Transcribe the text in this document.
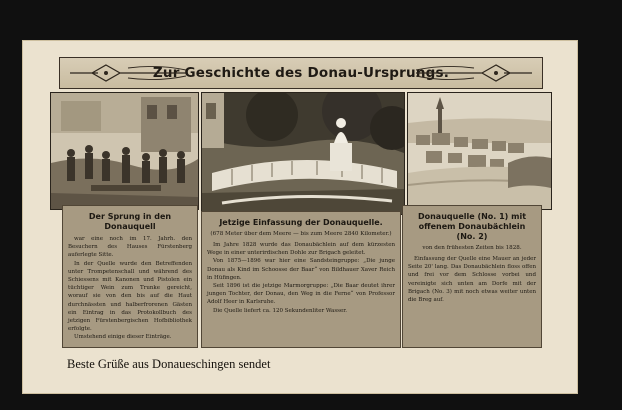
Zur Geschichte des Donau-Ursprungs.
Der Sprung in den Donauquell

war eine noch im 17. Jahrh. den Besuchern des Hauses Fürstenberg auferlegte Sitte.

In der Quelle wurde den Betreffenden unter Trompetenschall und während des Schiessens mit Kanonen und Pistolen ein tüchtiger Wein zum Trunke gereicht, worauf sie von den bis auf die Haut durchnässten und halberfrorenen Gästen ein Eintrag in das Protokollbuch des jetzigen Fürstenbergischen Hofbibliothek erfolgte.

Umstehend einige dieser Einträge.

Jetzige Einfassung der Donauquelle.
(678 Meter über dem Meere — bis zum Meere 2840 Kilometer.)

Im Jahre 1828 wurde das Donaubächlein auf dem kürzesten Wege in einer unterirdischen Dohle zur Brigach geleitet.

Von 1875—1896 war hier eine Sandsteingruppe: „Die junge Donau als Kind im Schoosse der Baar“ von Bildhauer Xaver Reich in Hüfingen.

Seit 1896 ist die jetzige Marmorgruppe: „Die Baar deutet ihrer jungen Tochter, der Donau, den Weg in die Ferne“ von Professor Adolf Heer in Karlsruhe.

Die Quelle liefert ca. 120 Sekundenliter Wasser.

Donauquelle (No. 1) mit offenem Donaubächlein (No. 2)
von den frühesten Zeiten bis 1828.

Einfassung der Quelle eine Mauer an jeder Seite 20' lang. Das Donaubächlein floss offen und frei vor dem Schlosse vorbei und vereinigte sich unten am Dorfe mit der Brigach (No. 3) mit noch etwas weiter unten die Breg auf.

Beste Grüße aus Donaueschingen sendet
